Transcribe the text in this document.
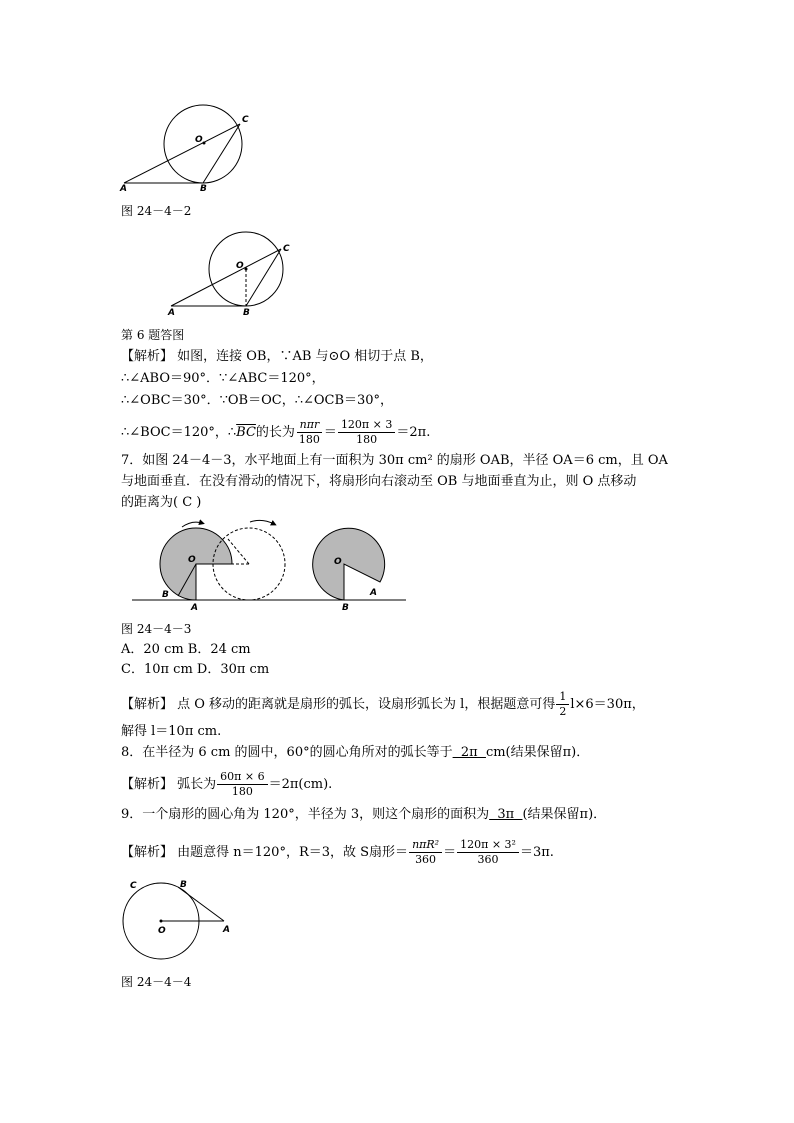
O
C
A	B
图 24－4－2
O
C
A	B
第 6 题答图
【解析】 如图，连接 OB，∵AB 与⊙O 相切于点 B，
∴∠ABO＝90°．∵∠ABC＝120°，
∴∠OBC＝30°．∵OB＝OC，∴∠OCB＝30°，
∴∠BOC＝120°，$\therefore\overline{BC}$的长为 $\frac{\text{nπr}}{180} = \frac{120\pi \times 3}{180} =2\pi$.
7．如图 24－4－3，水平地面上有一面积为 30π cm² 的扇形 OAB，半径 OA＝6 cm，且 OA
与地面垂直．在没有滑动的情况下，将扇形向右滚动至 OB 与地面垂直为止，则 O 点移动
的距离为( C )
O
B
A
O
A
B
图 24－4－3
A．20 cm B．24 cm
C．10π cm D．30π cm
【解析】 点 O 移动的距离就是扇形的弧长，设扇形弧长为 l，根据题意可得 $\frac{1}{2} l\times 6=30\pi$，
解得 l＝10π cm.
8．在半径为 6 cm 的圆中，60°的圆心角所对的弧长等于  2π  cm(结果保留π)．
【解析】 弧长为 $\frac{60\pi \times 6}{180} =2\pi(cm)$.
9．一个扇形的圆心角为 120°，半径为 3，则这个扇形的面积为  3π  (结果保留π)．
【解析】 由题意得 n＝120°，R＝3，故 S扇形＝ $\frac{\text{nπR²}}{360} = \frac{\text{120π × 3²}}{360} =3\pi$.
C	B
O	A
图 24－4－4
